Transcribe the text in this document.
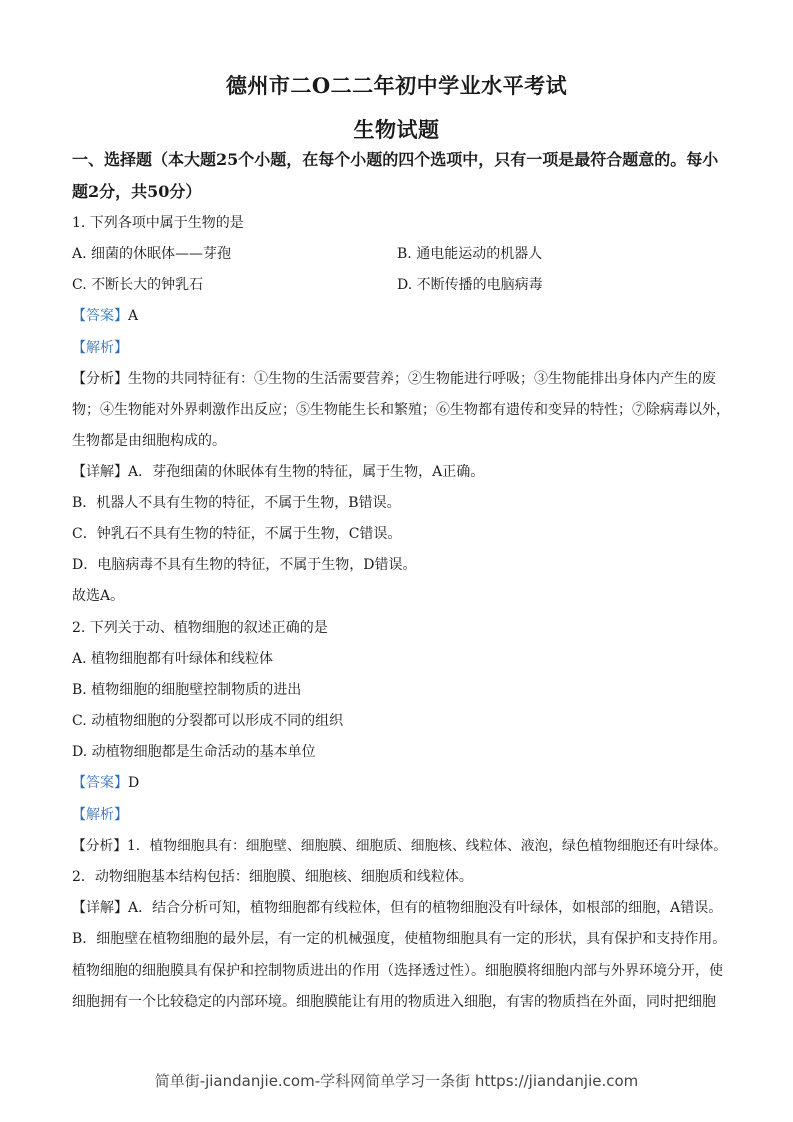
德州市二O二二年初中学业水平考试
生物试题
一、选择题（本大题25个小题，在每个小题的四个选项中，只有一项是最符合题意的。每小
题2分，共50分）
1. 下列各项中属于生物的是
A. 细菌的休眠体——芽孢	B. 通电能运动的机器人
C. 不断长大的钟乳石	D. 不断传播的电脑病毒
【答案】A
【解析】
【分析】生物的共同特征有：①生物的生活需要营养；②生物能进行呼吸；③生物能排出身体内产生的废
物；④生物能对外界刺激作出反应；⑤生物能生长和繁殖；⑥生物都有遗传和变异的特性；⑦除病毒以外，
生物都是由细胞构成的。
【详解】A．芽孢细菌的休眠体有生物的特征，属于生物，A正确。
B．机器人不具有生物的特征，不属于生物，B错误。
C．钟乳石不具有生物的特征，不属于生物，C错误。
D．电脑病毒不具有生物的特征，不属于生物，D错误。
故选A。
2. 下列关于动、植物细胞的叙述正确的是
A. 植物细胞都有叶绿体和线粒体
B. 植物细胞的细胞壁控制物质的进出
C. 动植物细胞的分裂都可以形成不同的组织
D. 动植物细胞都是生命活动的基本单位
【答案】D
【解析】
【分析】1．植物细胞具有：细胞壁、细胞膜、细胞质、细胞核、线粒体、液泡，绿色植物细胞还有叶绿体。
2．动物细胞基本结构包括：细胞膜、细胞核、细胞质和线粒体。
【详解】A．结合分析可知，植物细胞都有线粒体，但有的植物细胞没有叶绿体，如根部的细胞，A错误。
B．细胞壁在植物细胞的最外层，有一定的机械强度，使植物细胞具有一定的形状，具有保护和支持作用。
植物细胞的细胞膜具有保护和控制物质进出的作用（选择透过性）。细胞膜将细胞内部与外界环境分开，使
细胞拥有一个比较稳定的内部环境。细胞膜能让有用的物质进入细胞，有害的物质挡在外面，同时把细胞
简单街-jiandanjie.com-学科网简单学习一条街 https://jiandanjie.com
